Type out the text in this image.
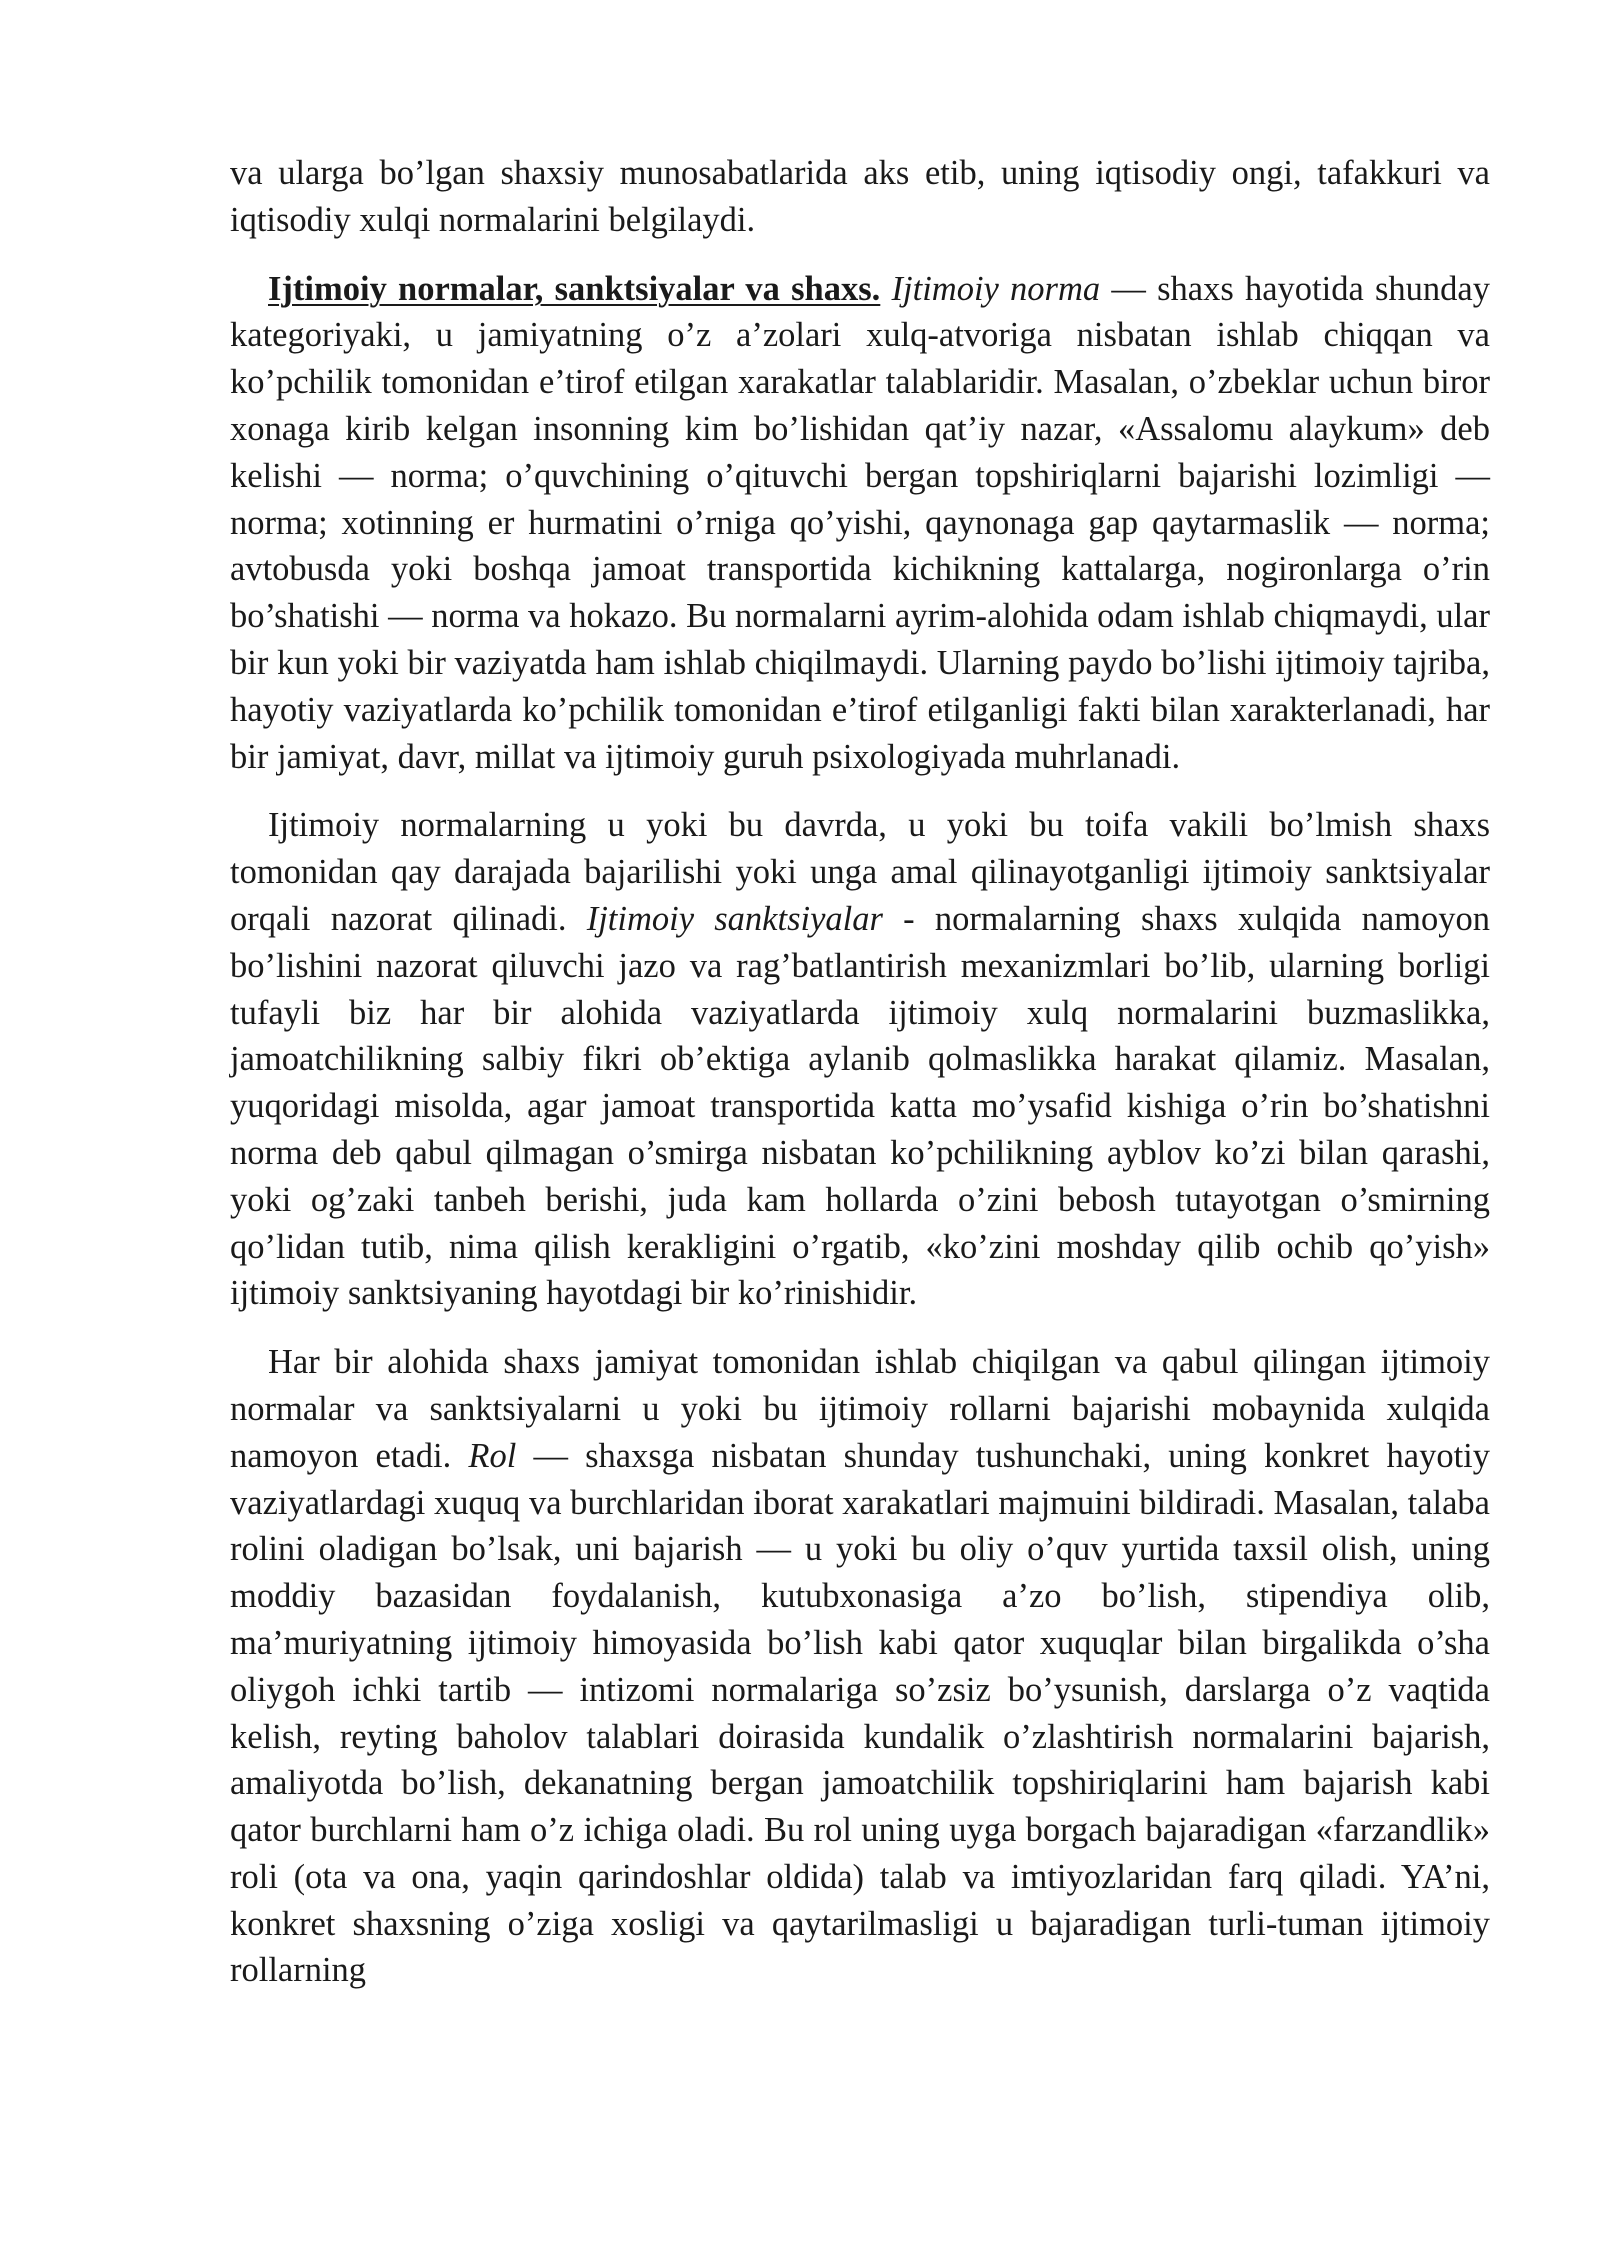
va ularga bo’lgan shaxsiy munosabatlarida aks etib, uning iqtisodiy ongi, tafakkuri va iqtisodiy xulqi normalarini belgilaydi.

Ijtimoiy normalar, sanktsiyalar va shaxs. Ijtimoiy norma — shaxs hayotida shunday kategoriyaki, u jamiyatning o’z a’zolari xulq-atvoriga nisbatan ishlab chiqqan va ko’pchilik tomonidan e’tirof etilgan xarakatlar talablaridir. Masalan, o’zbeklar uchun biror xonaga kirib kelgan insonning kim bo’lishidan qat’iy nazar, «Assalomu alaykum» deb kelishi — norma; o’quvchining o’qituvchi bergan topshiriqlarni bajarishi lozimligi — norma; xotinning er hurmatini o’rniga qo’yishi, qaynonaga gap qaytarmaslik — norma; avtobusda yoki boshqa jamoat transportida kichikning kattalarga, nogironlarga o’rin bo’shatishi — norma va hokazo. Bu normalarni ayrim-alohida odam ishlab chiqmaydi, ular bir kun yoki bir vaziyatda ham ishlab chiqilmaydi. Ularning paydo bo’lishi ijtimoiy tajriba, hayotiy vaziyatlarda ko’pchilik tomonidan e’tirof etilganligi fakti bilan xarakterlanadi, har bir jamiyat, davr, millat va ijtimoiy guruh psixologiyada muhrlanadi.

Ijtimoiy normalarning u yoki bu davrda, u yoki bu toifa vakili bo’lmish shaxs tomonidan qay darajada bajarilishi yoki unga amal qilinayotganligi ijtimoiy sanktsiyalar orqali nazorat qilinadi. Ijtimoiy sanktsiyalar - normalarning shaxs xulqida namoyon bo’lishini nazorat qiluvchi jazo va rag’batlantirish mexanizmlari bo’lib, ularning borligi tufayli biz har bir alohida vaziyatlarda ijtimoiy xulq normalarini buzmaslikka, jamoatchilikning salbiy fikri ob’ektiga aylanib qolmaslikka harakat qilamiz. Masalan, yuqoridagi misolda, agar jamoat transportida katta mo’ysafid kishiga o’rin bo’shatishni norma deb qabul qilmagan o’smirga nisbatan ko’pchilikning ayblov ko’zi bilan qarashi, yoki og’zaki tanbeh berishi, juda kam hollarda o’zini bebosh tutayotgan o’smirning qo’lidan tutib, nima qilish kerakligini o’rgatib, «ko’zini moshday qilib ochib qo’yish» ijtimoiy sanktsiyaning hayotdagi bir ko’rinishidir.

Har bir alohida shaxs jamiyat tomonidan ishlab chiqilgan va qabul qilingan ijtimoiy normalar va sanktsiyalarni u yoki bu ijtimoiy rollarni bajarishi mobaynida xulqida namoyon etadi. Rol — shaxsga nisbatan shunday tushunchaki, uning konkret hayotiy vaziyatlardagi xuquq va burchlaridan iborat xarakatlari majmuini bildiradi. Masalan, talaba rolini oladigan bo’lsak, uni bajarish — u yoki bu oliy o’quv yurtida taxsil olish, uning moddiy bazasidan foydalanish, kutubxonasiga a’zo bo’lish, stipendiya olib, ma’muriyatning ijtimoiy himoyasida bo’lish kabi qator xuquqlar bilan birgalikda o’sha oliygoh ichki tartib — intizomi normalariga so’zsiz bo’ysunish, darslarga o’z vaqtida kelish, reyting baholov talablari doirasida kundalik o’zlashtirish normalarini bajarish, amaliyotda bo’lish, dekanatning bergan jamoatchilik topshiriqlarini ham bajarish kabi qator burchlarni ham o’z ichiga oladi. Bu rol uning uyga borgach bajaradigan «farzandlik» roli (ota va ona, yaqin qarindoshlar oldida) talab va imtiyozlaridan farq qiladi. YA’ni, konkret shaxsning o’ziga xosligi va qaytarilmasligi u bajaradigan turli-tuman ijtimoiy rollarning
